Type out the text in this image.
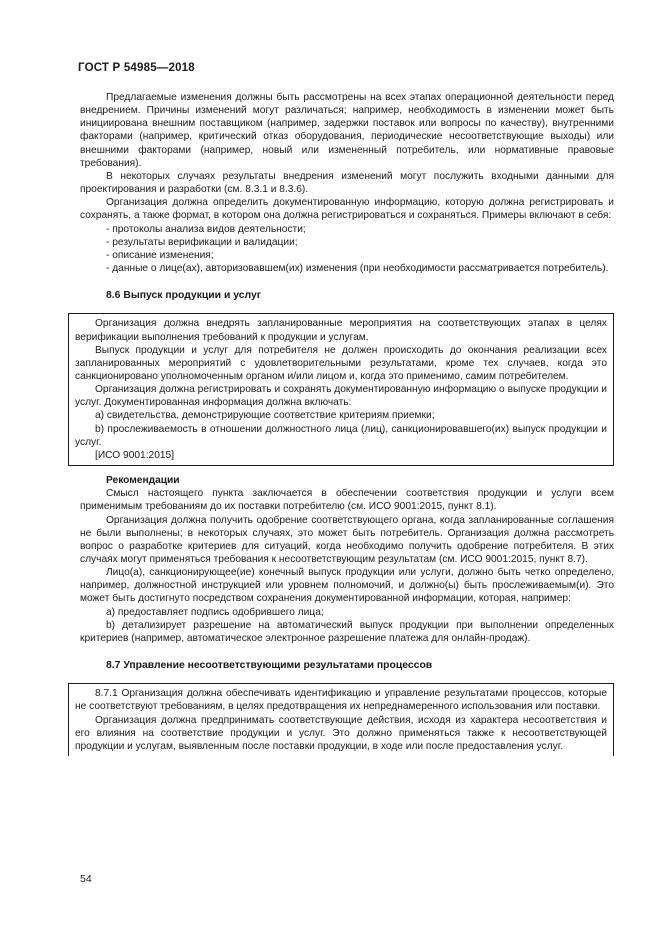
ГОСТ Р 54985—2018

Предлагаемые изменения должны быть рассмотрены на всех этапах операционной деятельности перед внедрением. Причины изменений могут различаться; например, необходимость в изменении может быть инициирована внешним поставщиком (например, задержки поставок или вопросы по качеству), внутренними факторами (например, критический отказ оборудования, периодические несоответствующие выходы) или внешними факторами (например, новый или измененный потребитель, или нормативные правовые требования).

В некоторых случаях результаты внедрения изменений могут послужить входными данными для проектирования и разработки (см. 8.3.1 и 8.3.6).

Организация должна определить документированную информацию, которую должна регистрировать и сохранять, а также формат, в котором она должна регистрироваться и сохраняться. Примеры включают в себя:

- протоколы анализа видов деятельности;

- результаты верификации и валидации;

- описание изменения;

- данные о лице(ах), авторизовавшем(их) изменения (при необходимости рассматривается потребитель).

8.6 Выпуск продукции и услуг

Организация должна внедрять запланированные мероприятия на соответствующих этапах в целях верификации выполнения требований к продукции и услугам.

Выпуск продукции и услуг для потребителя не должен происходить до окончания реализации всех запланированных мероприятий с удовлетворительными результатами, кроме тех случаев, когда это санкционировано уполномоченным органом и/или лицом и, когда это применимо, самим потребителем.

Организация должна регистрировать и сохранять документированную информацию о выпуске продукции и услуг. Документированная информация должна включать:

a) свидетельства, демонстрирующие соответствие критериям приемки;

b) прослеживаемость в отношении должностного лица (лиц), санкционировавшего(их) выпуск продукции и услуг.

[ИСО 9001:2015]

Рекомендации

Смысл настоящего пункта заключается в обеспечении соответствия продукции и услуги всем применимым требованиям до их поставки потребителю (см. ИСО 9001:2015, пункт 8.1).

Организация должна получить одобрение соответствующего органа, когда запланированные соглашения не были выполнены; в некоторых случаях, это может быть потребитель. Организация должна рассмотреть вопрос о разработке критериев для ситуаций, когда необходимо получить одобрение потребителя. В этих случаях могут применяться требования к несоответствующим результатам (см. ИСО 9001:2015, пункт 8.7).

Лицо(а), санкционирующее(ие) конечный выпуск продукции или услуги, должно быть четко определено, например, должностной инструкцией или уровнем полномочий, и должно(ы) быть прослеживаемым(и). Это может быть достигнуто посредством сохранения документированной информации, которая, например:

a) предоставляет подпись одобрившего лица;

b) детализирует разрешение на автоматический выпуск продукции при выполнении определенных критериев (например, автоматическое электронное разрешение платежа для онлайн-продаж).

8.7 Управление несоответствующими результатами процессов

8.7.1 Организация должна обеспечивать идентификацию и управление результатами процессов, которые не соответствуют требованиям, в целях предотвращения их непреднамеренного использования или поставки.

Организация должна предпринимать соответствующие действия, исходя из характера несоответствия и его влияния на соответствие продукции и услуг. Это должно применяться также к несоответствующей продукции и услугам, выявленным после поставки продукции, в ходе или после предоставления услуг.

54
